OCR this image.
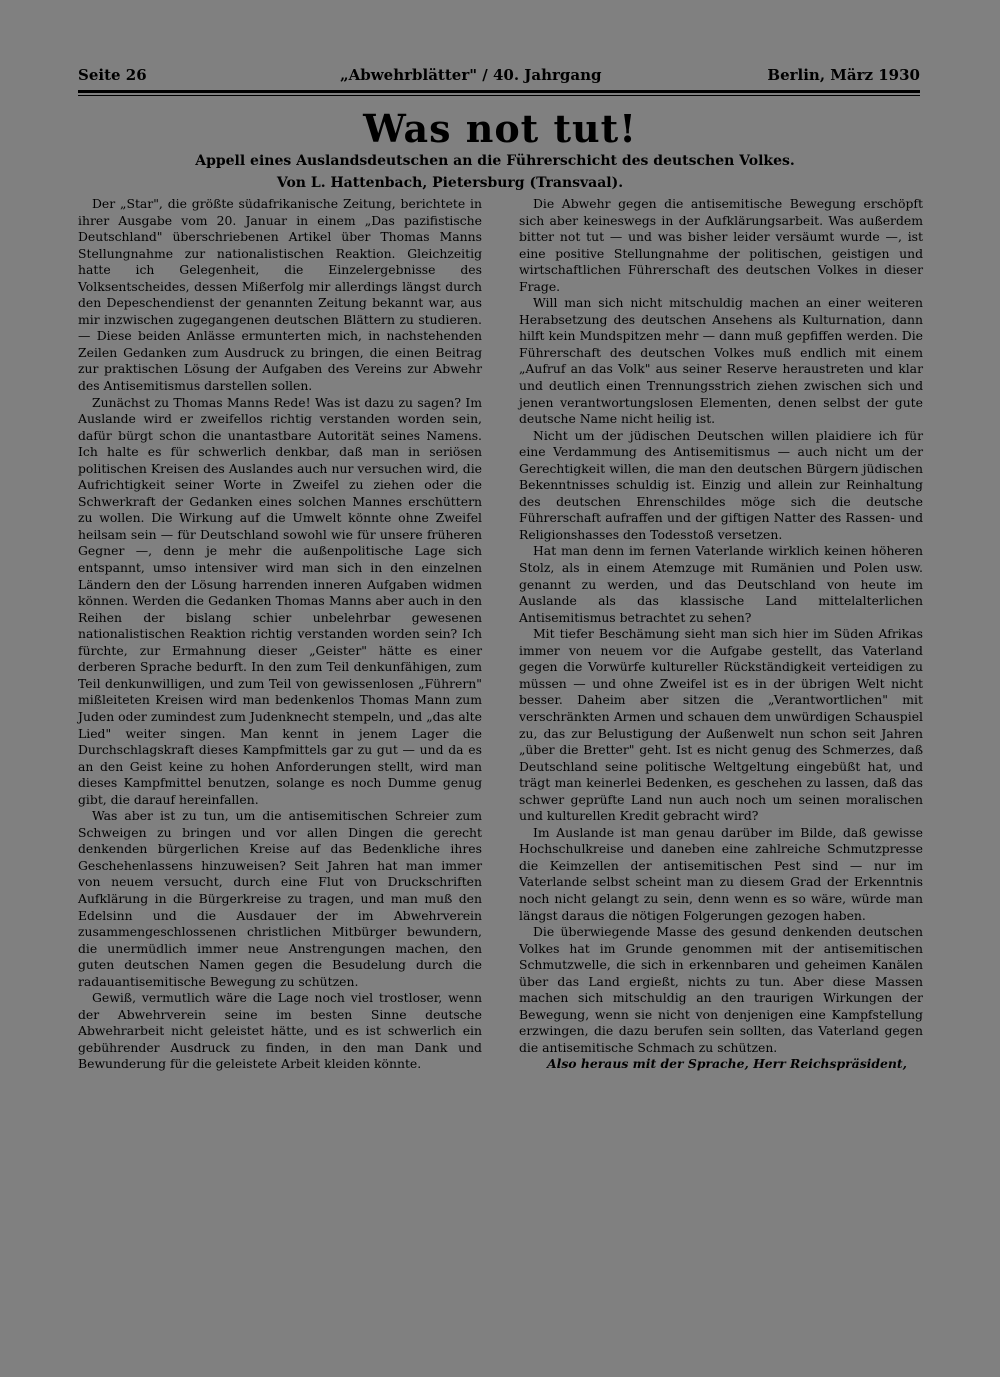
Seite 26	„Abwehrblätter" / 40. Jahrgang	Berlin, März 1930
Was not tut!
Appell eines Auslandsdeutschen an die Führerschicht des deutschen Volkes.
Von L. Hattenbach, Pietersburg (Transvaal).

Der „Star", die größte südafrikanische Zeitung, berichtete in ihrer Ausgabe vom 20. Januar in einem „Das pazifistische Deutschland" überschriebenen Artikel über Thomas Manns Stellungnahme zur nationalistischen Reaktion. Gleichzeitig hatte ich Gelegenheit, die Einzelergebnisse des Volksentscheides, dessen Mißerfolg mir allerdings längst durch den Depeschendienst der genannten Zeitung bekannt war, aus mir inzwischen zugegangenen deutschen Blättern zu studieren. — Diese beiden Anlässe ermunterten mich, in nachstehenden Zeilen Gedanken zum Ausdruck zu bringen, die einen Beitrag zur praktischen Lösung der Aufgaben des Vereins zur Abwehr des Antisemitismus darstellen sollen.

Zunächst zu Thomas Manns Rede! Was ist dazu zu sagen? Im Auslande wird er zweifellos richtig verstanden worden sein, dafür bürgt schon die unantastbare Autorität seines Namens. Ich halte es für schwerlich denkbar, daß man in seriösen politischen Kreisen des Auslandes auch nur versuchen wird, die Aufrichtigkeit seiner Worte in Zweifel zu ziehen oder die Schwerkraft der Gedanken eines solchen Mannes erschüttern zu wollen. Die Wirkung auf die Umwelt könnte ohne Zweifel heilsam sein — für Deutschland sowohl wie für unsere früheren Gegner —, denn je mehr die außenpolitische Lage sich entspannt, umso intensiver wird man sich in den einzelnen Ländern den der Lösung harrenden inneren Aufgaben widmen können. Werden die Gedanken Thomas Manns aber auch in den Reihen der bislang schier unbelehrbar gewesenen nationalistischen Reaktion richtig verstanden worden sein? Ich fürchte, zur Ermahnung dieser „Geister" hätte es einer derberen Sprache bedurft. In den zum Teil denkunfähigen, zum Teil denkunwilligen, und zum Teil von gewissenlosen „Führern" mißleiteten Kreisen wird man bedenkenlos Thomas Mann zum Juden oder zumindest zum Judenknecht stempeln, und „das alte Lied" weiter singen. Man kennt in jenem Lager die Durchschlagskraft dieses Kampfmittels gar zu gut — und da es an den Geist keine zu hohen Anforderungen stellt, wird man dieses Kampfmittel benutzen, solange es noch Dumme genug gibt, die darauf hereinfallen.

Was aber ist zu tun, um die antisemitischen Schreier zum Schweigen zu bringen und vor allen Dingen die gerecht denkenden bürgerlichen Kreise auf das Bedenkliche ihres Geschehenlassens hinzuweisen? Seit Jahren hat man immer von neuem versucht, durch eine Flut von Druckschriften Aufklärung in die Bürgerkreise zu tragen, und man muß den Edelsinn und die Ausdauer der im Abwehrverein zusammengeschlossenen christlichen Mitbürger bewundern, die unermüdlich immer neue Anstrengungen machen, den guten deutschen Namen gegen die Besudelung durch die radauantisemitische Bewegung zu schützen.

Gewiß, vermutlich wäre die Lage noch viel trostloser, wenn der Abwehrverein seine im besten Sinne deutsche Abwehrarbeit nicht geleistet hätte, und es ist schwerlich ein gebührender Ausdruck zu finden, in den man Dank und Bewunderung für die geleistete Arbeit kleiden könnte.

Die Abwehr gegen die antisemitische Bewegung erschöpft sich aber keineswegs in der Aufklärungsarbeit. Was außerdem bitter not tut — und was bisher leider versäumt wurde —, ist eine positive Stellungnahme der politischen, geistigen und wirtschaftlichen Führerschaft des deutschen Volkes in dieser Frage.

Will man sich nicht mitschuldig machen an einer weiteren Herabsetzung des deutschen Ansehens als Kulturnation, dann hilft kein Mundspitzen mehr — dann muß gepfiffen werden. Die Führerschaft des deutschen Volkes muß endlich mit einem „Aufruf an das Volk" aus seiner Reserve heraustreten und klar und deutlich einen Trennungsstrich ziehen zwischen sich und jenen verantwortungslosen Elementen, denen selbst der gute deutsche Name nicht heilig ist.

Nicht um der jüdischen Deutschen willen plaidiere ich für eine Verdammung des Antisemitismus — auch nicht um der Gerechtigkeit willen, die man den deutschen Bürgern jüdischen Bekenntnisses schuldig ist. Einzig und allein zur Reinhaltung des deutschen Ehrenschildes möge sich die deutsche Führerschaft aufraffen und der giftigen Natter des Rassen- und Religionshasses den Todesstoß versetzen.

Hat man denn im fernen Vaterlande wirklich keinen höheren Stolz, als in einem Atemzuge mit Rumänien und Polen usw. genannt zu werden, und das Deutschland von heute im Auslande als das klassische Land mittelalterlichen Antisemitismus betrachtet zu sehen?

Mit tiefer Beschämung sieht man sich hier im Süden Afrikas immer von neuem vor die Aufgabe gestellt, das Vaterland gegen die Vorwürfe kultureller Rückständigkeit verteidigen zu müssen — und ohne Zweifel ist es in der übrigen Welt nicht besser. Daheim aber sitzen die „Verantwortlichen" mit verschränkten Armen und schauen dem unwürdigen Schauspiel zu, das zur Belustigung der Außenwelt nun schon seit Jahren „über die Bretter" geht. Ist es nicht genug des Schmerzes, daß Deutschland seine politische Weltgeltung eingebüßt hat, und trägt man keinerlei Bedenken, es geschehen zu lassen, daß das schwer geprüfte Land nun auch noch um seinen moralischen und kulturellen Kredit gebracht wird?

Im Auslande ist man genau darüber im Bilde, daß gewisse Hochschulkreise und daneben eine zahlreiche Schmutzpresse die Keimzellen der antisemitischen Pest sind — nur im Vaterlande selbst scheint man zu diesem Grad der Erkenntnis noch nicht gelangt zu sein, denn wenn es so wäre, würde man längst daraus die nötigen Folgerungen gezogen haben.

Die überwiegende Masse des gesund denkenden deutschen Volkes hat im Grunde genommen mit der antisemitischen Schmutzwelle, die sich in erkennbaren und geheimen Kanälen über das Land ergießt, nichts zu tun. Aber diese Massen machen sich mitschuldig an den traurigen Wirkungen der Bewegung, wenn sie nicht von denjenigen eine Kampfstellung erzwingen, die dazu berufen sein sollten, das Vaterland gegen die antisemitische Schmach zu schützen.

Also heraus mit der Sprache, Herr Reichspräsident,
